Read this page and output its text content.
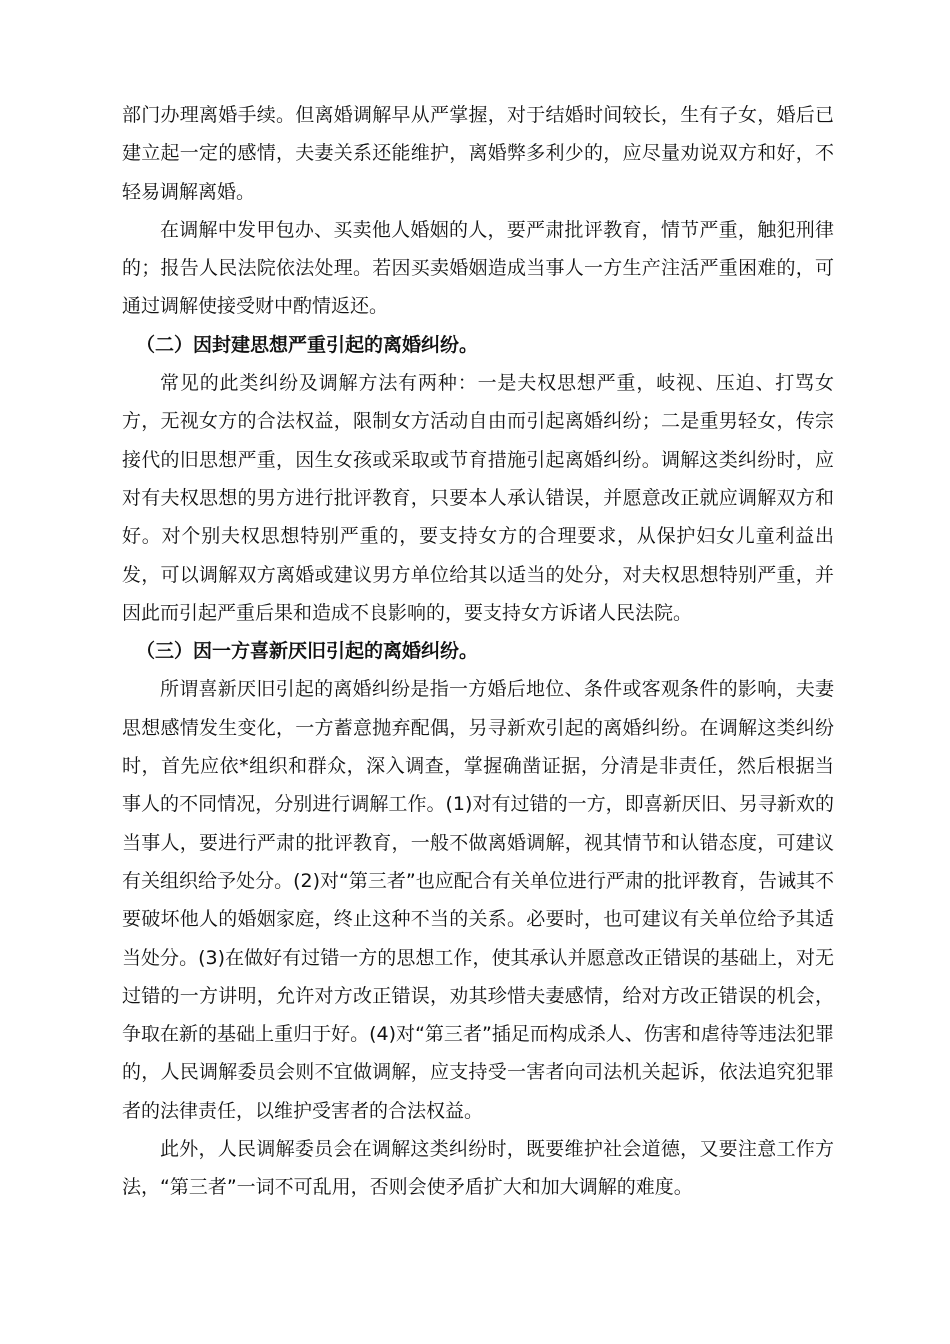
部门办理离婚手续。但离婚调解早从严掌握，对于结婚时间较长，生有子女，婚后已建立起一定的感情，夫妻关系还能维护，离婚弊多利少的，应尽量劝说双方和好，不轻易调解离婚。

在调解中发甲包办、买卖他人婚姻的人，要严肃批评教育，情节严重，触犯刑律的；报告人民法院依法处理。若因买卖婚姻造成当事人一方生产注活严重困难的，可通过调解使接受财中酌情返还。

（二）因封建思想严重引起的离婚纠纷。

常见的此类纠纷及调解方法有两种：一是夫权思想严重，岐视、压迫、打骂女方，无视女方的合法权益，限制女方活动自由而引起离婚纠纷；二是重男轻女，传宗接代的旧思想严重，因生女孩或采取或节育措施引起离婚纠纷。调解这类纠纷时，应对有夫权思想的男方进行批评教育，只要本人承认错误，并愿意改正就应调解双方和好。对个别夫权思想特别严重的，要支持女方的合理要求，从保护妇女儿童利益出发，可以调解双方离婚或建议男方单位给其以适当的处分，对夫权思想特别严重，并因此而引起严重后果和造成不良影响的，要支持女方诉诸人民法院。

（三）因一方喜新厌旧引起的离婚纠纷。

所谓喜新厌旧引起的离婚纠纷是指一方婚后地位、条件或客观条件的影响，夫妻思想感情发生变化，一方蓄意抛弃配偶，另寻新欢引起的离婚纠纷。在调解这类纠纷时，首先应依*组织和群众，深入调查，掌握确凿证据，分清是非责任，然后根据当事人的不同情况，分别进行调解工作。(1)对有过错的一方，即喜新厌旧、另寻新欢的当事人，要进行严肃的批评教育，一般不做离婚调解，视其情节和认错态度，可建议有关组织给予处分。(2)对“第三者”也应配合有关单位进行严肃的批评教育，告诫其不要破坏他人的婚姻家庭，终止这种不当的关系。必要时，也可建议有关单位给予其适当处分。(3)在做好有过错一方的思想工作，使其承认并愿意改正错误的基础上，对无过错的一方讲明，允许对方改正错误，劝其珍惜夫妻感情，给对方改正错误的机会，争取在新的基础上重归于好。(4)对“第三者”插足而构成杀人、伤害和虐待等违法犯罪的，人民调解委员会则不宜做调解，应支持受一害者向司法机关起诉，依法追究犯罪者的法律责任，以维护受害者的合法权益。

此外，人民调解委员会在调解这类纠纷时，既要维护社会道德，又要注意工作方法，“第三者”一词不可乱用，否则会使矛盾扩大和加大调解的难度。
